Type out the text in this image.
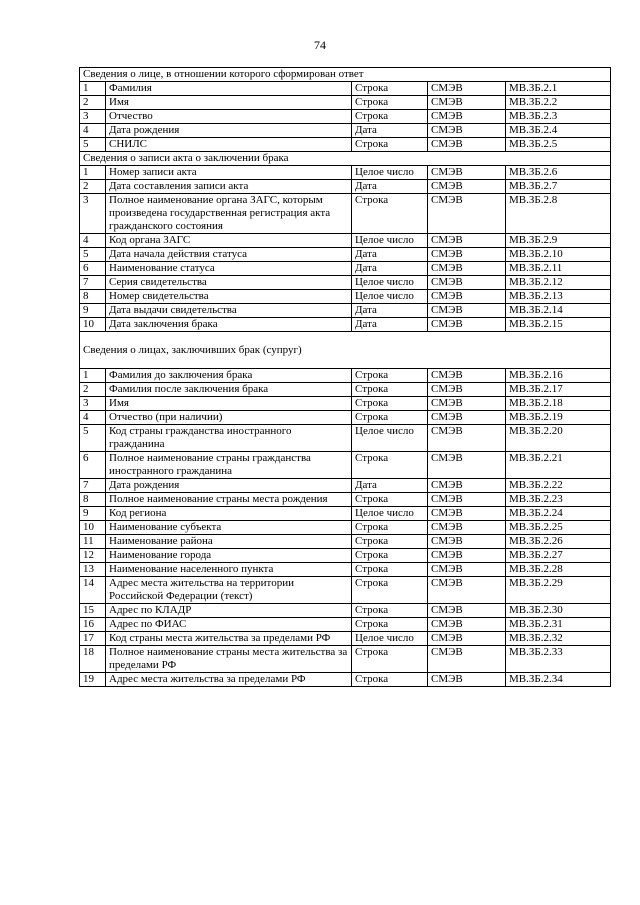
74
Сведения о лице, в отношении которого сформирован ответ				
1	Фамилия	Строка	СМЭВ	МВ.ЗБ.2.1
2	Имя	Строка	СМЭВ	МВ.ЗБ.2.2
3	Отчество	Строка	СМЭВ	МВ.ЗБ.2.3
4	Дата рождения	Дата	СМЭВ	МВ.ЗБ.2.4
5	СНИЛС	Строка	СМЭВ	МВ.ЗБ.2.5
Сведения о записи акта о заключении брака				
1	Номер записи акта	Целое число	СМЭВ	МВ.ЗБ.2.6
2	Дата составления записи акта	Дата	СМЭВ	МВ.ЗБ.2.7
3	Полное наименование органа ЗАГС, которым произведена государственная регистрация акта гражданского состояния	Строка	СМЭВ	МВ.ЗБ.2.8
4	Код органа ЗАГС	Целое число	СМЭВ	МВ.ЗБ.2.9
5	Дата начала действия статуса	Дата	СМЭВ	МВ.ЗБ.2.10
6	Наименование статуса	Дата	СМЭВ	МВ.ЗБ.2.11
7	Серия свидетельства	Целое число	СМЭВ	МВ.ЗБ.2.12
8	Номер свидетельства	Целое число	СМЭВ	МВ.ЗБ.2.13
9	Дата выдачи свидетельства	Дата	СМЭВ	МВ.ЗБ.2.14
10	Дата заключения брака	Дата	СМЭВ	МВ.ЗБ.2.15
Сведения о лицах, заключивших брак (супруг)				
1	Фамилия до заключения брака	Строка	СМЭВ	МВ.ЗБ.2.16
2	Фамилия после заключения брака	Строка	СМЭВ	МВ.ЗБ.2.17
3	Имя	Строка	СМЭВ	МВ.ЗБ.2.18
4	Отчество (при наличии)	Строка	СМЭВ	МВ.ЗБ.2.19
5	Код страны гражданства иностранного гражданина	Целое число	СМЭВ	МВ.ЗБ.2.20
6	Полное наименование страны гражданства иностранного гражданина	Строка	СМЭВ	МВ.ЗБ.2.21
7	Дата рождения	Дата	СМЭВ	МВ.ЗБ.2.22
8	Полное наименование страны места рождения	Строка	СМЭВ	МВ.ЗБ.2.23
9	Код региона	Целое число	СМЭВ	МВ.ЗБ.2.24
10	Наименование субъекта	Строка	СМЭВ	МВ.ЗБ.2.25
11	Наименование района	Строка	СМЭВ	МВ.ЗБ.2.26
12	Наименование города	Строка	СМЭВ	МВ.ЗБ.2.27
13	Наименование населенного пункта	Строка	СМЭВ	МВ.ЗБ.2.28
14	Адрес места жительства на территории Российской Федерации (текст)	Строка	СМЭВ	МВ.ЗБ.2.29
15	Адрес по КЛАДР	Строка	СМЭВ	МВ.ЗБ.2.30
16	Адрес по ФИАС	Строка	СМЭВ	МВ.ЗБ.2.31
17	Код страны места жительства за пределами РФ	Целое число	СМЭВ	МВ.ЗБ.2.32
18	Полное наименование страны места жительства за пределами РФ	Строка	СМЭВ	МВ.ЗБ.2.33
19	Адрес места жительства за пределами РФ	Строка	СМЭВ	МВ.ЗБ.2.34
